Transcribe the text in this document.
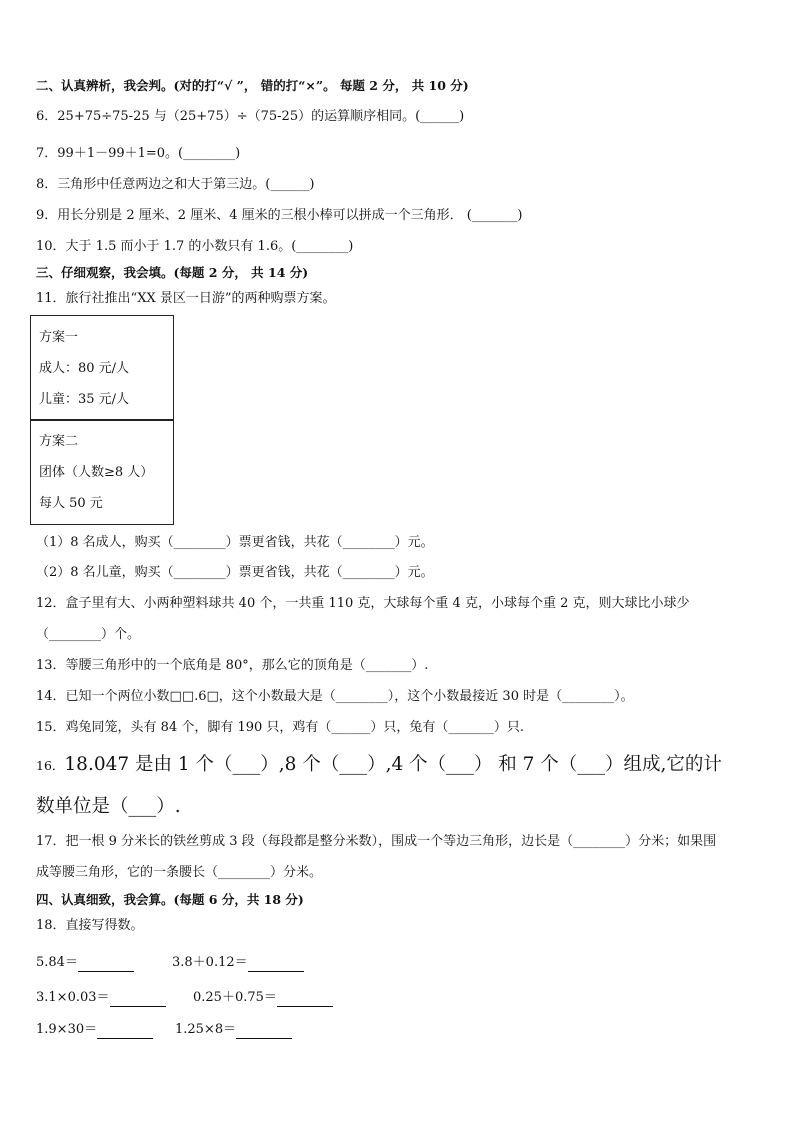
二、认真辨析，我会判。(对的打“√ ”， 错的打“×”。 每题 2 分， 共 10 分)
6．25+75÷75-25 与（25+75）÷（75-25）的运算顺序相同。(______)
7．99＋1－99＋1=0。(________)
8．三角形中任意两边之和大于第三边。(______)
9．用长分别是 2 厘米、2 厘米、4 厘米的三根小棒可以拼成一个三角形． (_______)
10．大于 1.5 而小于 1.7 的小数只有 1.6。(________)
三、仔细观察，我会填。(每题 2 分， 共 14 分)
11．旅行社推出“XX 景区一日游”的两种购票方案。
方案一
成人：80 元/人
儿童：35 元/人
方案二
团体（人数≥8 人）
每人 50 元
（1）8 名成人，购买（________）票更省钱，共花（________）元。
（2）8 名儿童，购买（________）票更省钱，共花（________）元。
12．盒子里有大、小两种塑料球共 40 个，一共重 110 克，大球每个重 4 克，小球每个重 2 克，则大球比小球少
（________）个。
13．等腰三角形中的一个底角是 80°，那么它的顶角是（_______）.
14．已知一个两位小数□□.6□，这个小数最大是（________），这个小数最接近 30 时是（________）。
15．鸡兔同笼，头有 84 个，脚有 190 只，鸡有（______）只，兔有（_______）只.
16．18.047 是由 1 个（___）,8 个（___）,4 个（___） 和 7 个（___）组成,它的计
数单位是（___）.
17．把一根 9 分米长的铁丝剪成 3 段（每段都是整分米数），围成一个等边三角形，边长是（________）分米；如果围
成等腰三角形，它的一条腰长（________）分米。
四、认真细致，我会算。(每题 6 分，共 18 分)
18．直接写得数。
5.84＝	3.8＋0.12＝
3.1×0.03＝	0.25＋0.75＝
1.9×30＝	1.25×8＝
